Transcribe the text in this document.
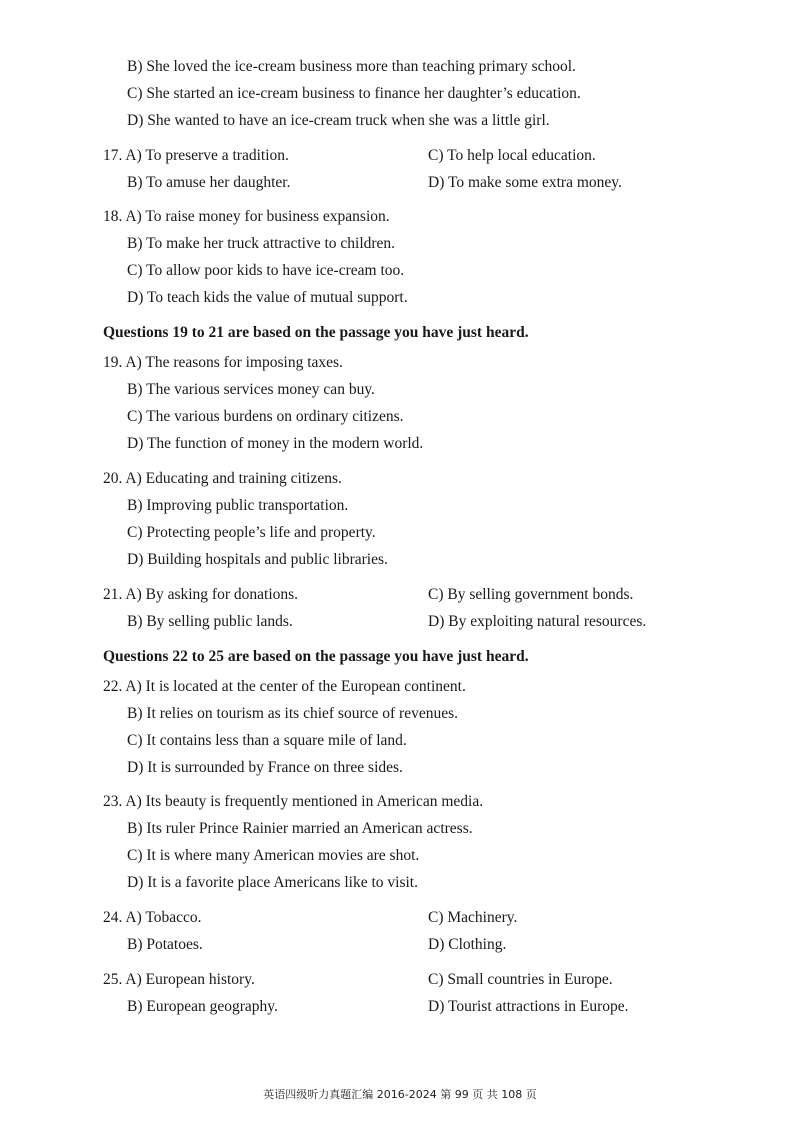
B) She loved the ice-cream business more than teaching primary school.
C) She started an ice-cream business to finance her daughter’s education.
D) She wanted to have an ice-cream truck when she was a little girl.
17. A) To preserve a tradition.	C) To help local education.
B) To amuse her daughter.	D) To make some extra money.
18. A) To raise money for business expansion.
B) To make her truck attractive to children.
C) To allow poor kids to have ice-cream too.
D) To teach kids the value of mutual support.
Questions 19 to 21 are based on the passage you have just heard.
19. A) The reasons for imposing taxes.
B) The various services money can buy.
C) The various burdens on ordinary citizens.
D) The function of money in the modern world.
20. A) Educating and training citizens.
B) Improving public transportation.
C) Protecting people’s life and property.
D) Building hospitals and public libraries.
21. A) By asking for donations.	C) By selling government bonds.
B) By selling public lands.	D) By exploiting natural resources.
Questions 22 to 25 are based on the passage you have just heard.
22. A) It is located at the center of the European continent.
B) It relies on tourism as its chief source of revenues.
C) It contains less than a square mile of land.
D) It is surrounded by France on three sides.
23. A) Its beauty is frequently mentioned in American media.
B) Its ruler Prince Rainier married an American actress.
C) It is where many American movies are shot.
D) It is a favorite place Americans like to visit.
24. A) Tobacco.	C) Machinery.
B) Potatoes.	D) Clothing.
25. A) European history.	C) Small countries in Europe.
B) European geography.	D) Tourist attractions in Europe.
英语四级听力真题汇编 2016-2024 第 99 页 共 108 页
